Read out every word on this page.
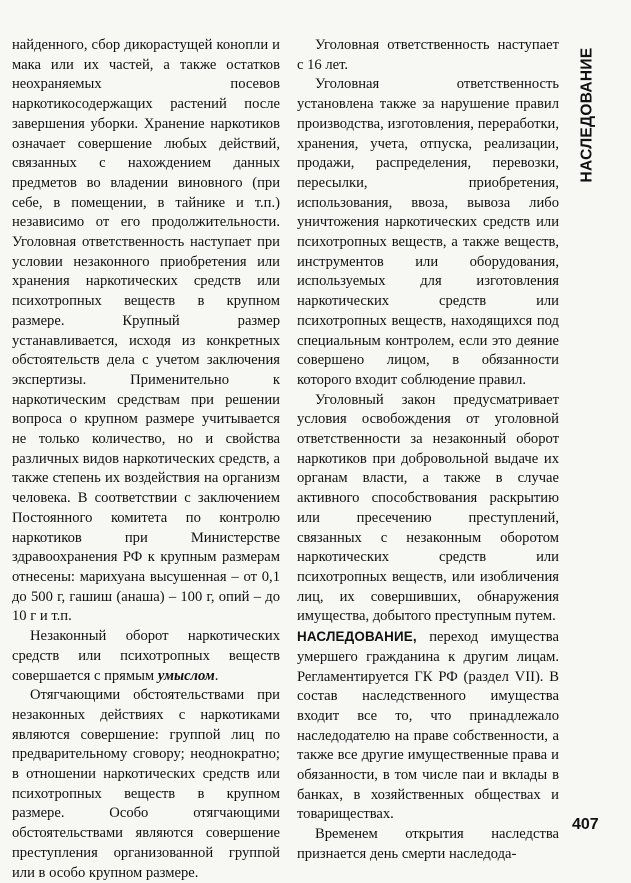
найденного, сбор дикорастущей конопли и мака или их частей, а также остатков неохраняемых посевов наркотикосодержащих растений после завершения уборки. Хранение наркотиков означает совершение любых действий, связанных с нахождением данных предметов во владении виновного (при себе, в помещении, в тайнике и т.п.) независимо от его продолжительности. Уголовная ответственность наступает при условии незаконного приобретения или хранения наркотических средств или психотропных веществ в крупном размере. Крупный размер устанавливается, исходя из конкретных обстоятельств дела с учетом заключения экспертизы. Применительно к наркотическим средствам при решении вопроса о крупном размере учитывается не только количество, но и свойства различных видов наркотических средств, а также степень их воздействия на организм человека. В соответствии с заключением Постоянного комитета по контролю наркотиков при Министерстве здравоохранения РФ к крупным размерам отнесены: марихуана высушенная – от 0,1 до 500 г, гашиш (анаша) – 100 г, опий – до 10 г и т.п.

Незаконный оборот наркотических средств или психотропных веществ совершается с прямым умыслом.

Отягчающими обстоятельствами при незаконных действиях с наркотиками являются совершение: группой лиц по предварительному сговору; неоднократно; в отношении наркотических средств или психотропных веществ в крупном размере. Особо отягчающими обстоятельствами являются совершение преступления организованной группой или в особо крупном размере.

Уголовная ответственность наступает с 16 лет.

Уголовная ответственность установлена также за нарушение правил производства, изготовления, переработки, хранения, учета, отпуска, реализации, продажи, распределения, перевозки, пересылки, приобретения, использования, ввоза, вывоза либо уничтожения наркотических средств или психотропных веществ, а также веществ, инструментов или оборудования, используемых для изготовления наркотических средств или психотропных веществ, находящихся под специальным контролем, если это деяние совершено лицом, в обязанности которого входит соблюдение правил.

Уголовный закон предусматривает условия освобождения от уголовной ответственности за незаконный оборот наркотиков при добровольной выдаче их органам власти, а также в случае активного способствования раскрытию или пресечению преступлений, связанных с незаконным оборотом наркотических средств или психотропных веществ, или изобличения лиц, их совершивших, обнаружения имущества, добытого преступным путем.

НАСЛЕДОВАНИЕ, переход имущества умершего гражданина к другим лицам. Регламентируется ГК РФ (раздел VII). В состав наследственного имущества входит все то, что принадлежало наследодателю на праве собственности, а также все другие имущественные права и обязанности, в том числе паи и вклады в банках, в хозяйственных обществах и товариществах.

Временем открытия наследства признается день смерти наследода-

НАСЛЕДОВАНИЕ
407
